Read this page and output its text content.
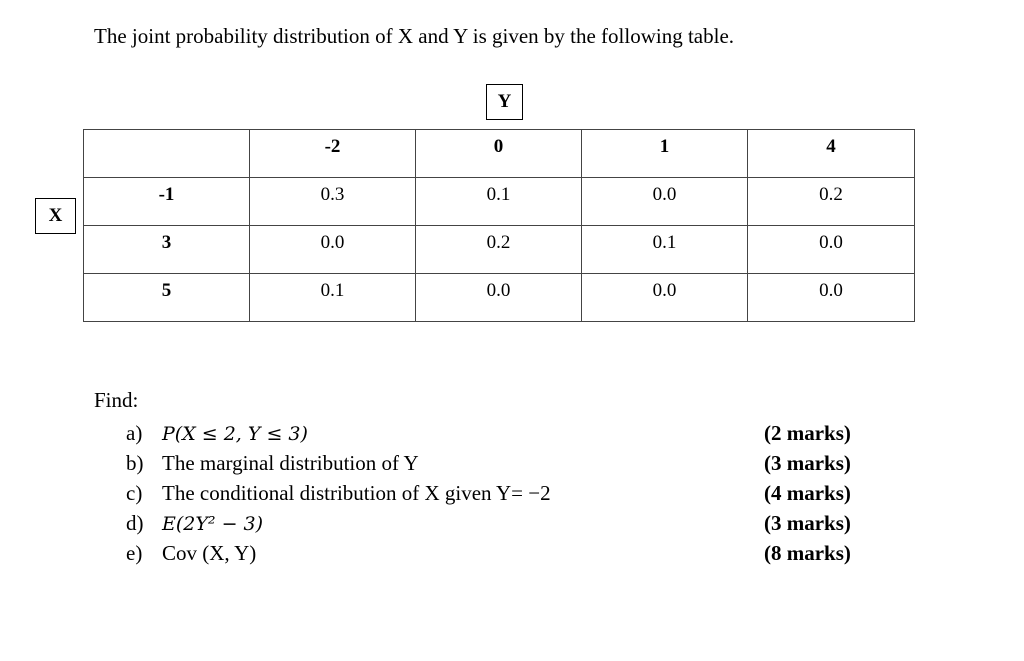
The joint probability distribution of X and Y is given by the following table.
Y
X
	-2	0	1	4
-1	0.3	0.1	0.0	0.2
3	0.0	0.2	0.1	0.0
5	0.1	0.0	0.0	0.0
Find:
a)	P(X ≤ 2, Y ≤ 3)	(2 marks)
b) The marginal distribution of Y	(3 marks)
c) The conditional distribution of X given Y= −2	(4 marks)
d) E(2Y² − 3)	(3 marks)
e) Cov (X, Y)	(8 marks)
